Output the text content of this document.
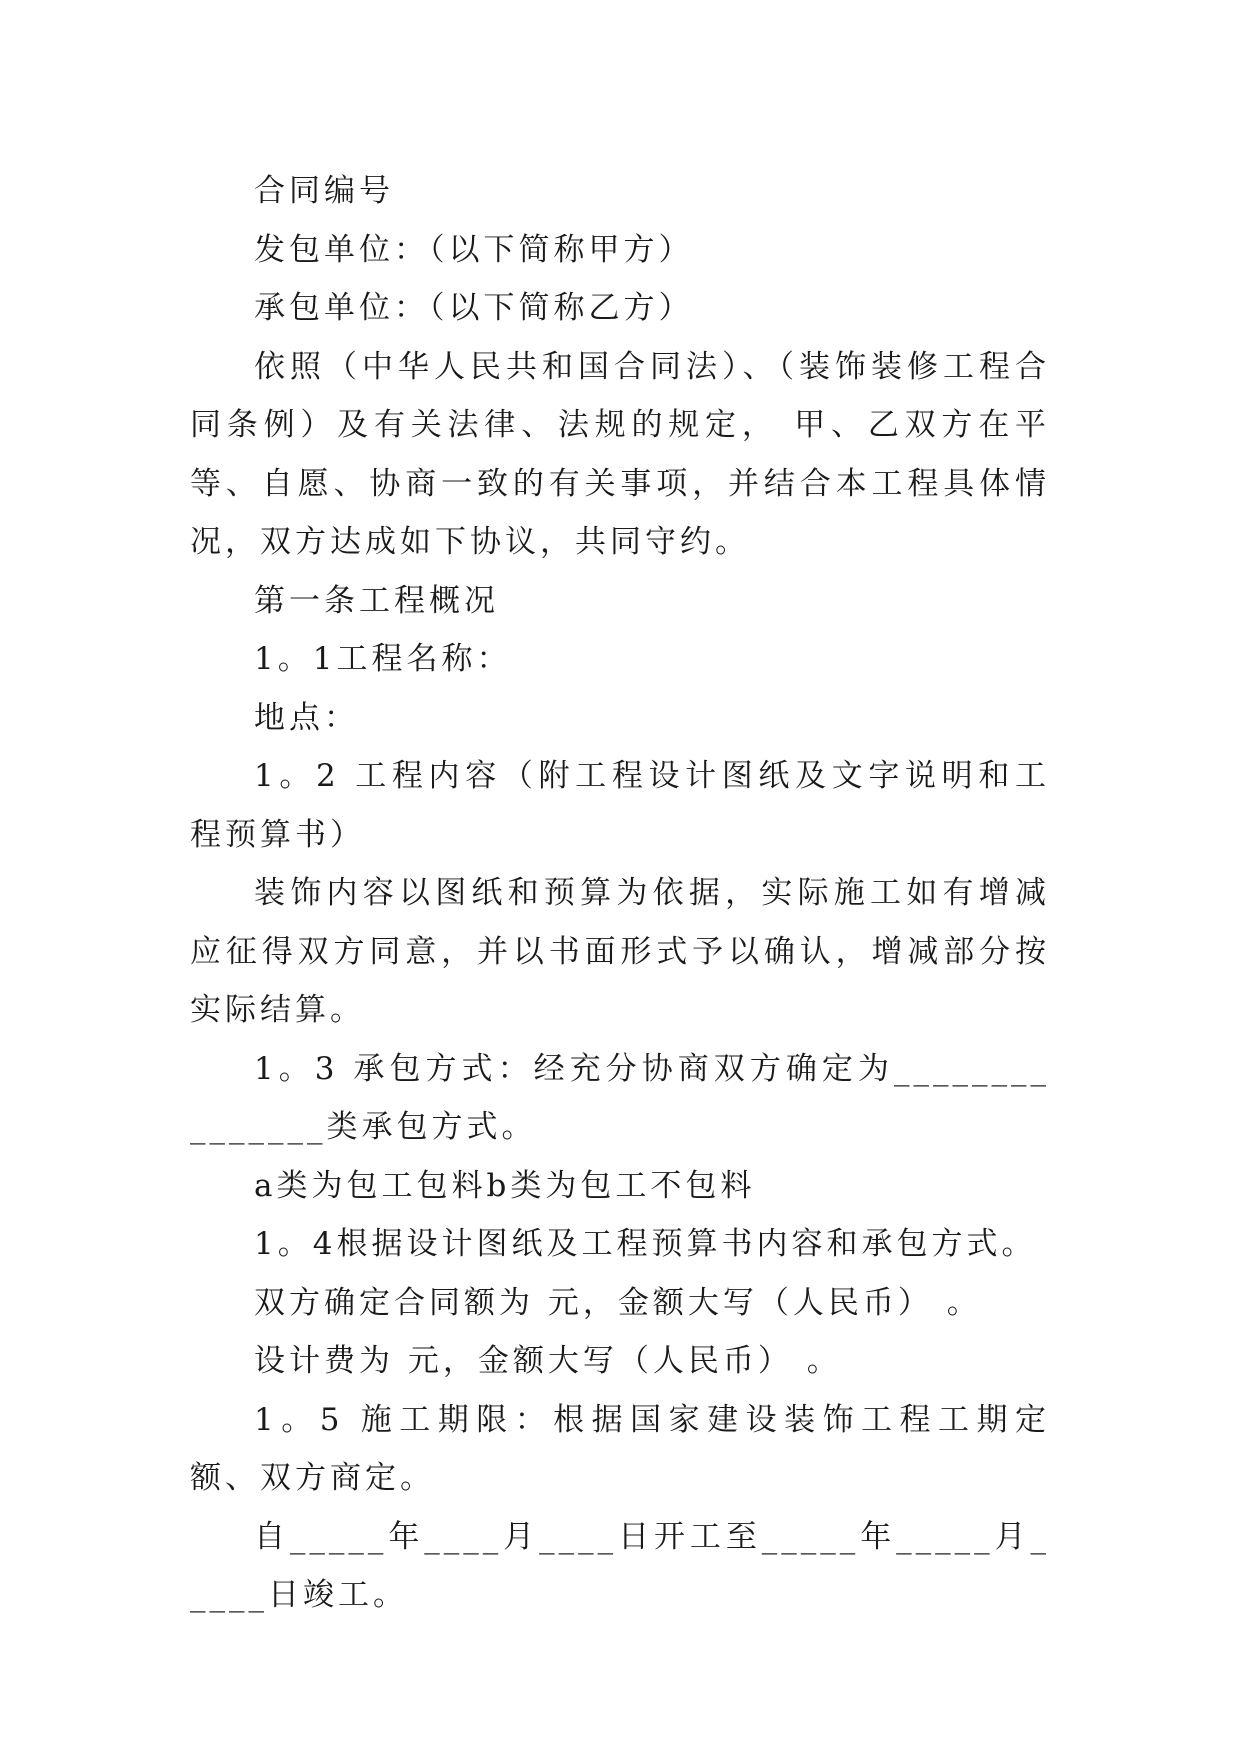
合同编号

发包单位：（以下简称甲方）

承包单位：（以下简称乙方）

依照（中华人民共和国合同法）、（装饰装修工程合同条例）及有关法律、法规的规定， 甲、乙双方在平等、自愿、协商一致的有关事项，并结合本工程具体情况，双方达成如下协议，共同守约。

第一条工程概况

1。1工程名称：

地点：

1。2 工程内容（附工程设计图纸及文字说明和工程预算书）

装饰内容以图纸和预算为依据，实际施工如有增减应征得双方同意，并以书面形式予以确认，增减部分按实际结算。

1。3 承包方式：经充分协商双方确定为_______________类承包方式。

a类为包工包料b类为包工不包料

1。4根据设计图纸及工程预算书内容和承包方式。

双方确定合同额为 元，金额大写（人民币） 。

设计费为 元，金额大写（人民币） 。

1。5 施工期限：根据国家建设装饰工程工期定额、双方商定。

自_____年____月____日开工至_____年_____月_____日竣工。
